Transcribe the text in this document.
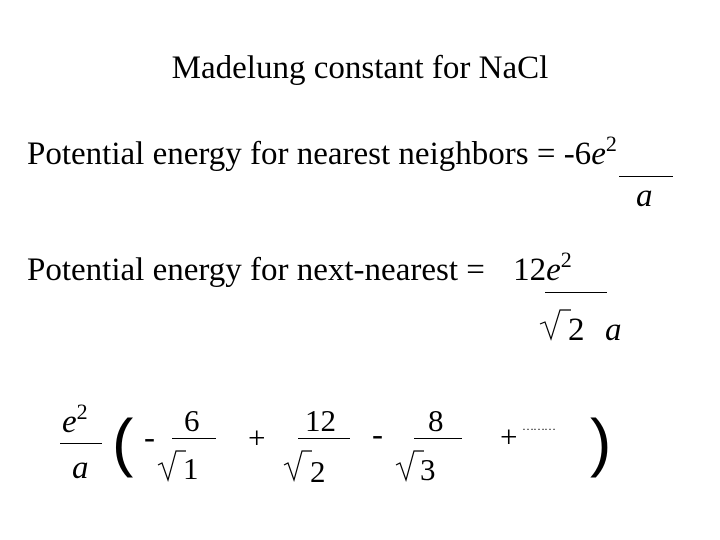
Madelung constant for NaCl
Potential energy for nearest neighbors = $-6e^2$
a
Potential energy for next-nearest = $12e^2$
2 a
$e^2$
a ( - 6
1
+ 12
2
- 8
3
+ ……… )
